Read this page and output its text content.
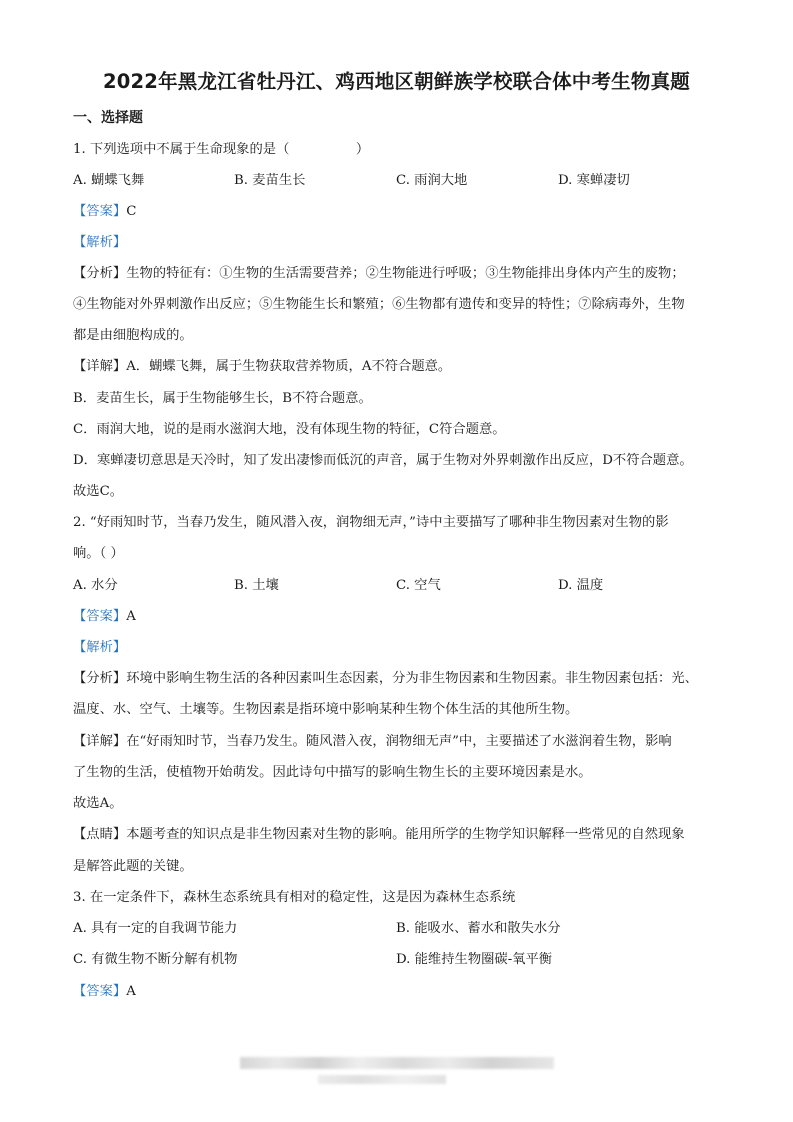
2022年黑龙江省牡丹江、鸡西地区朝鲜族学校联合体中考生物真题
一、选择题
1. 下列选项中不属于生命现象的是（　　　　　）
A. 蝴蝶飞舞	B. 麦苗生长	C. 雨润大地	D. 寒蝉凄切
【答案】C
【解析】
【分析】生物的特征有：①生物的生活需要营养；②生物能进行呼吸；③生物能排出身体内产生的废物；
④生物能对外界刺激作出反应；⑤生物能生长和繁殖；⑥生物都有遗传和变异的特性；⑦除病毒外，生物
都是由细胞构成的。
【详解】A．蝴蝶飞舞，属于生物获取营养物质，A不符合题意。
B．麦苗生长，属于生物能够生长，B不符合题意。
C．雨润大地，说的是雨水滋润大地，没有体现生物的特征，C符合题意。
D．寒蝉凄切意思是天冷时，知了发出凄惨而低沉的声音，属于生物对外界刺激作出反应，D不符合题意。
故选C。
2. “好雨知时节，当春乃发生，随风潜入夜，润物细无声，”诗中主要描写了哪种非生物因素对生物的影
响。（ ）
A. 水分	B. 土壤	C. 空气	D. 温度
【答案】A
【解析】
【分析】环境中影响生物生活的各种因素叫生态因素，分为非生物因素和生物因素。非生物因素包括：光、
温度、水、空气、土壤等。生物因素是指环境中影响某种生物个体生活的其他所生物。
【详解】在“好雨知时节，当春乃发生。随风潜入夜，润物细无声”中，主要描述了水滋润着生物，影响
了生物的生活，使植物开始萌发。因此诗句中描写的影响生物生长的主要环境因素是水。
故选A。
【点睛】本题考查的知识点是非生物因素对生物的影响。能用所学的生物学知识解释一些常见的自然现象
是解答此题的关键。
3. 在一定条件下，森林生态系统具有相对的稳定性，这是因为森林生态系统
A. 具有一定的自我调节能力	B. 能吸水、蓄水和散失水分
C. 有微生物不断分解有机物	D. 能维持生物圈碳-氧平衡
【答案】A
